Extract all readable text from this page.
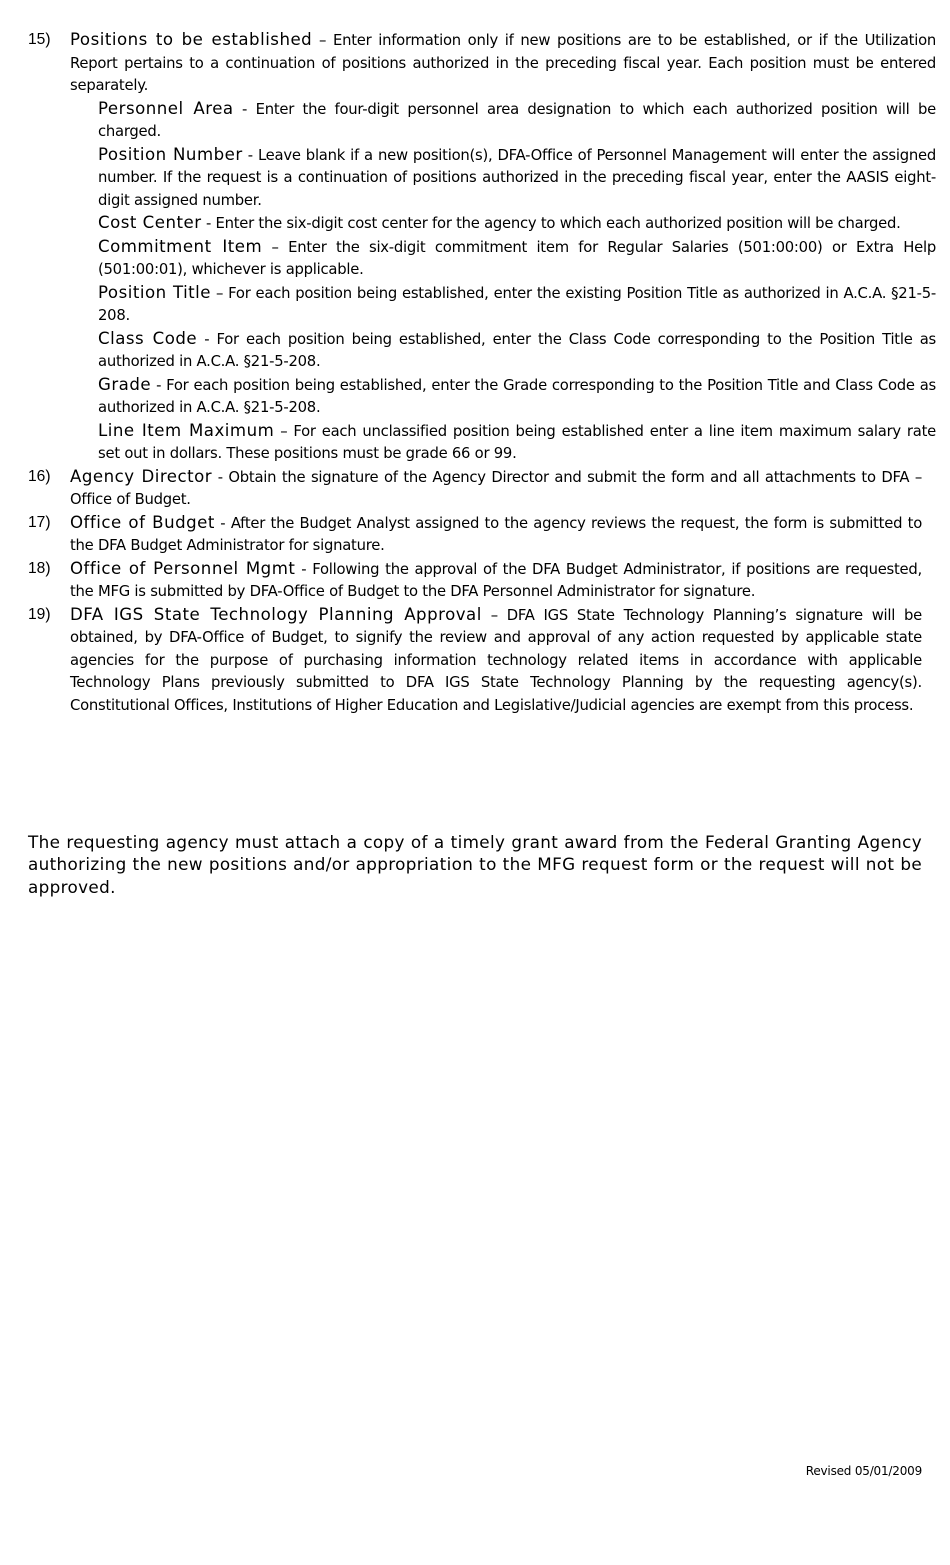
15)	Positions to be established – Enter information only if new positions are to be established, or if the Utilization Report pertains to a continuation of positions authorized in the preceding fiscal year. Each position must be entered separately.
Personnel Area - Enter the four-digit personnel area designation to which each authorized position will be charged.
Position Number - Leave blank if a new position(s), DFA-Office of Personnel Management will enter the assigned number. If the request is a continuation of positions authorized in the preceding fiscal year, enter the AASIS eight-digit assigned number.
Cost Center - Enter the six-digit cost center for the agency to which each authorized position will be charged.
Commitment Item – Enter the six-digit commitment item for Regular Salaries (501:00:00) or Extra Help (501:00:01), whichever is applicable.
Position Title – For each position being established, enter the existing Position Title as authorized in A.C.A. §21-5-208.
Class Code - For each position being established, enter the Class Code corresponding to the Position Title as authorized in A.C.A. §21-5-208.
Grade - For each position being established, enter the Grade corresponding to the Position Title and Class Code as authorized in A.C.A. §21-5-208.
Line Item Maximum – For each unclassified position being established enter a line item maximum salary rate set out in dollars. These positions must be grade 66 or 99.
16)	Agency Director - Obtain the signature of the Agency Director and submit the form and all attachments to DFA – Office of Budget.
17)	Office of Budget - After the Budget Analyst assigned to the agency reviews the request, the form is submitted to the DFA Budget Administrator for signature.
18)	Office of Personnel Mgmt - Following the approval of the DFA Budget Administrator, if positions are requested, the MFG is submitted by DFA-Office of Budget to the DFA Personnel Administrator for signature.
19)	DFA IGS State Technology Planning Approval – DFA IGS State Technology Planning’s signature will be obtained, by DFA-Office of Budget, to signify the review and approval of any action requested by applicable state agencies for the purpose of purchasing information technology related items in accordance with applicable Technology Plans previously submitted to DFA IGS State Technology Planning by the requesting agency(s). Constitutional Offices, Institutions of Higher Education and Legislative/Judicial agencies are exempt from this process.

The requesting agency must attach a copy of a timely grant award from the Federal Granting Agency authorizing the new positions and/or appropriation to the MFG request form or the request will not be approved.

Revised 05/01/2009
